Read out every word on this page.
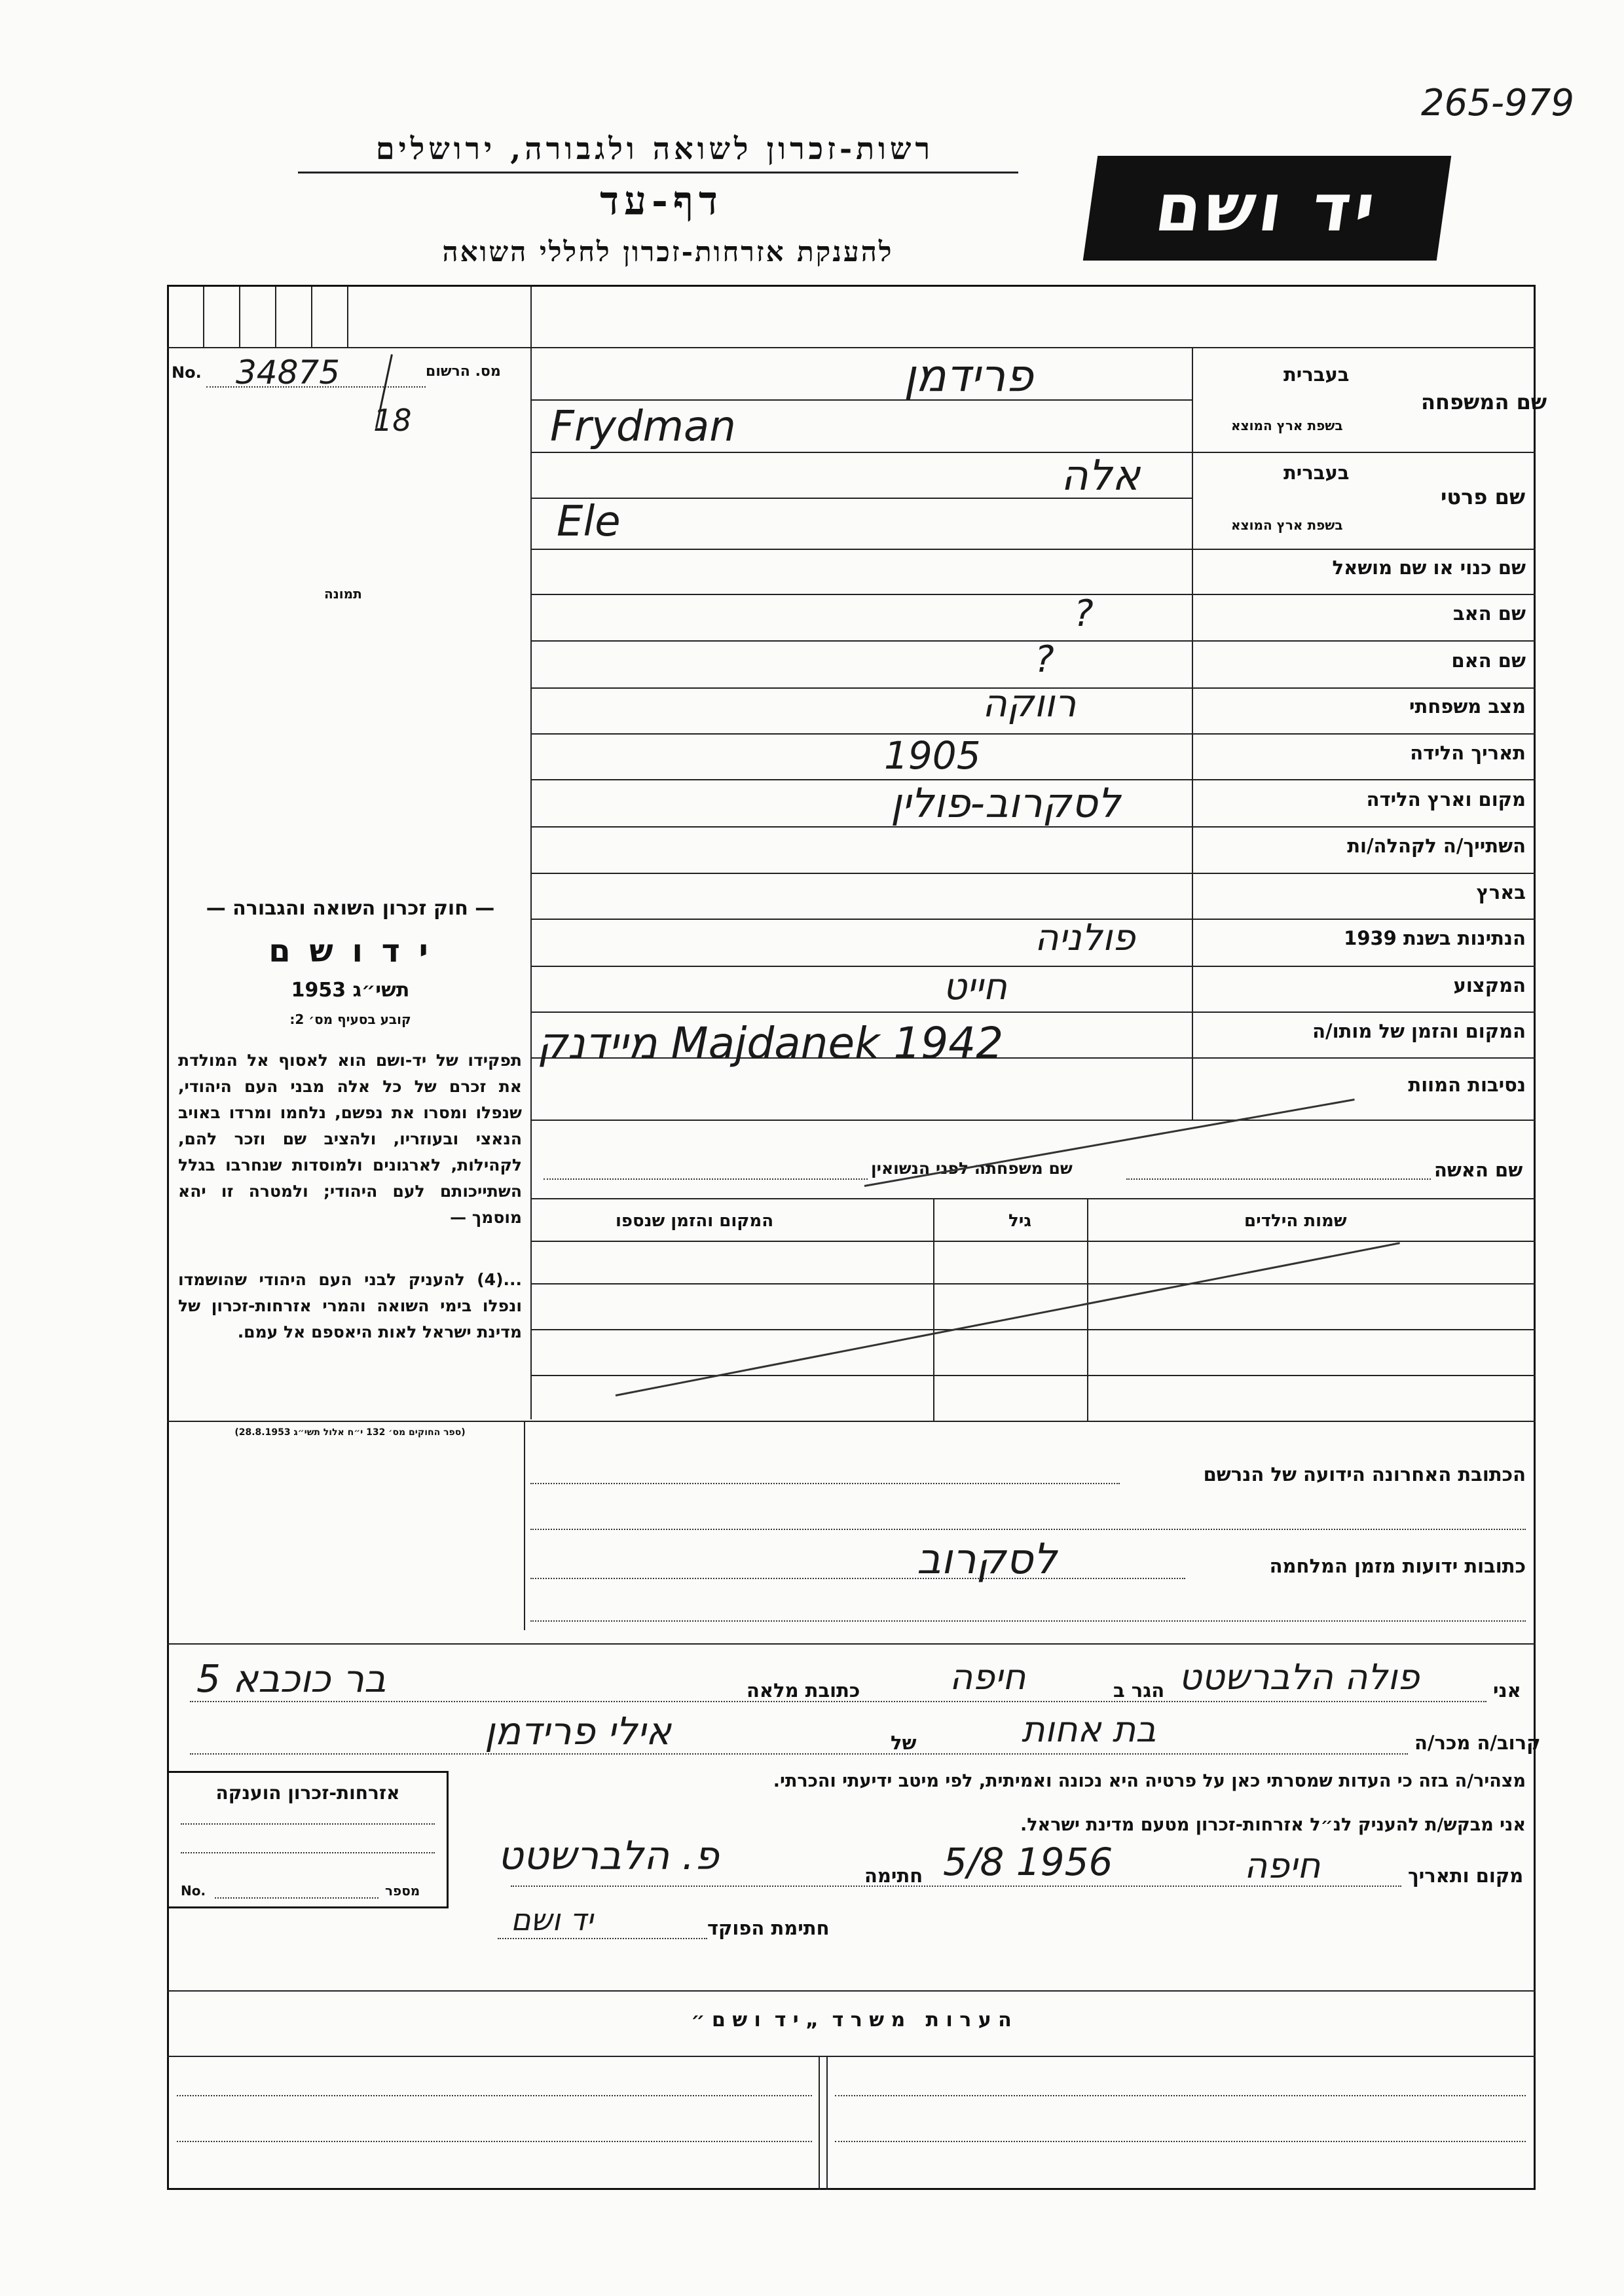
265-979
רשות-זכרון לשואה ולגבורה, ירושלים
דף-עד
להענקת אזרחות-זכרון לחללי השואה
יד ושם
No. 34875	מס. הרשום
18
תמונה
בעברית
שם המשפחה
בשפת ארץ המוצא
בעברית
שם פרטי
בשפת ארץ המוצא
שם כנוי או שם מושאל
שם האב
שם האם
מצב משפחתי
תאריך הלידה
מקום וארץ הלידה
השתייך/ה לקהלה/ות
בארץ
הנתינות בשנת 1939
המקצוע
המקום והזמן של מותו/ה
נסיבות המוות
פרידמן
Frydman
אלה
Ele
?
?
רווקה
1905
לסקרוב-פולין
פולניה
חייט
מיידנק Majdanek 1942
— חוק זכרון השואה והגבורה —
י ד ו ש ם
תשי״ג 1953
קובע בסעיף מס׳ 2:
תפקידו של יד-ושם הוא לאסוף אל המולדת את זכרם של כל אלה מבני העם היהודי, שנפלו ומסרו את נפשם, נלחמו ומרדו באויב הנאצי ובעוזריו, ולהציב שם וזכר להם, לקהילות, לארגונים ולמוסדות שנחרבו בגלל השתייכותם לעם היהודי; ולמטרה זו יהא מוסמך —
...(4) להעניק לבני העם היהודי שהושמדו ונפלו בימי השואה והמרי אזרחות-זכרון של מדינת ישראל לאות היאספם אל עמם.
(ספר החוקים מס׳ 132 י״ח אלול תשי״ג 28.8.1953)
שם האשה
שם משפחתה לפני הנשואין
שמות הילדים
גיל
המקום והזמן שנספו
הכתובת האחרונה הידועה של הנרשם
כתובות ידועות מזמן המלחמה
לסקרוב
אני
פולה הלברשטט
הגר ב
חיפה
כתובת מלאה
בר כוכבא 5
קרוב/ה מכר/ה
בת אחות
של
אילי פרידמן
מצהיר/ה בזה כי העדות שמסרתי כאן על פרטיה היא נכונה ואמיתית, לפי מיטב ידיעתי והכרתי.
אני מבקש/ת להעניק לנ״ל אזרחות-זכרון מטעם מדינת ישראל.
מקום ותאריך
חיפה
5/8 1956
חתימה
פ. הלברשטט
חתימת הפוקד
יד ושם
אזרחות-זכרון הוענקה
No.	מספר
ה ע ר ו ת   מ ש ר ד  „ י ד  ו ש ם ״
